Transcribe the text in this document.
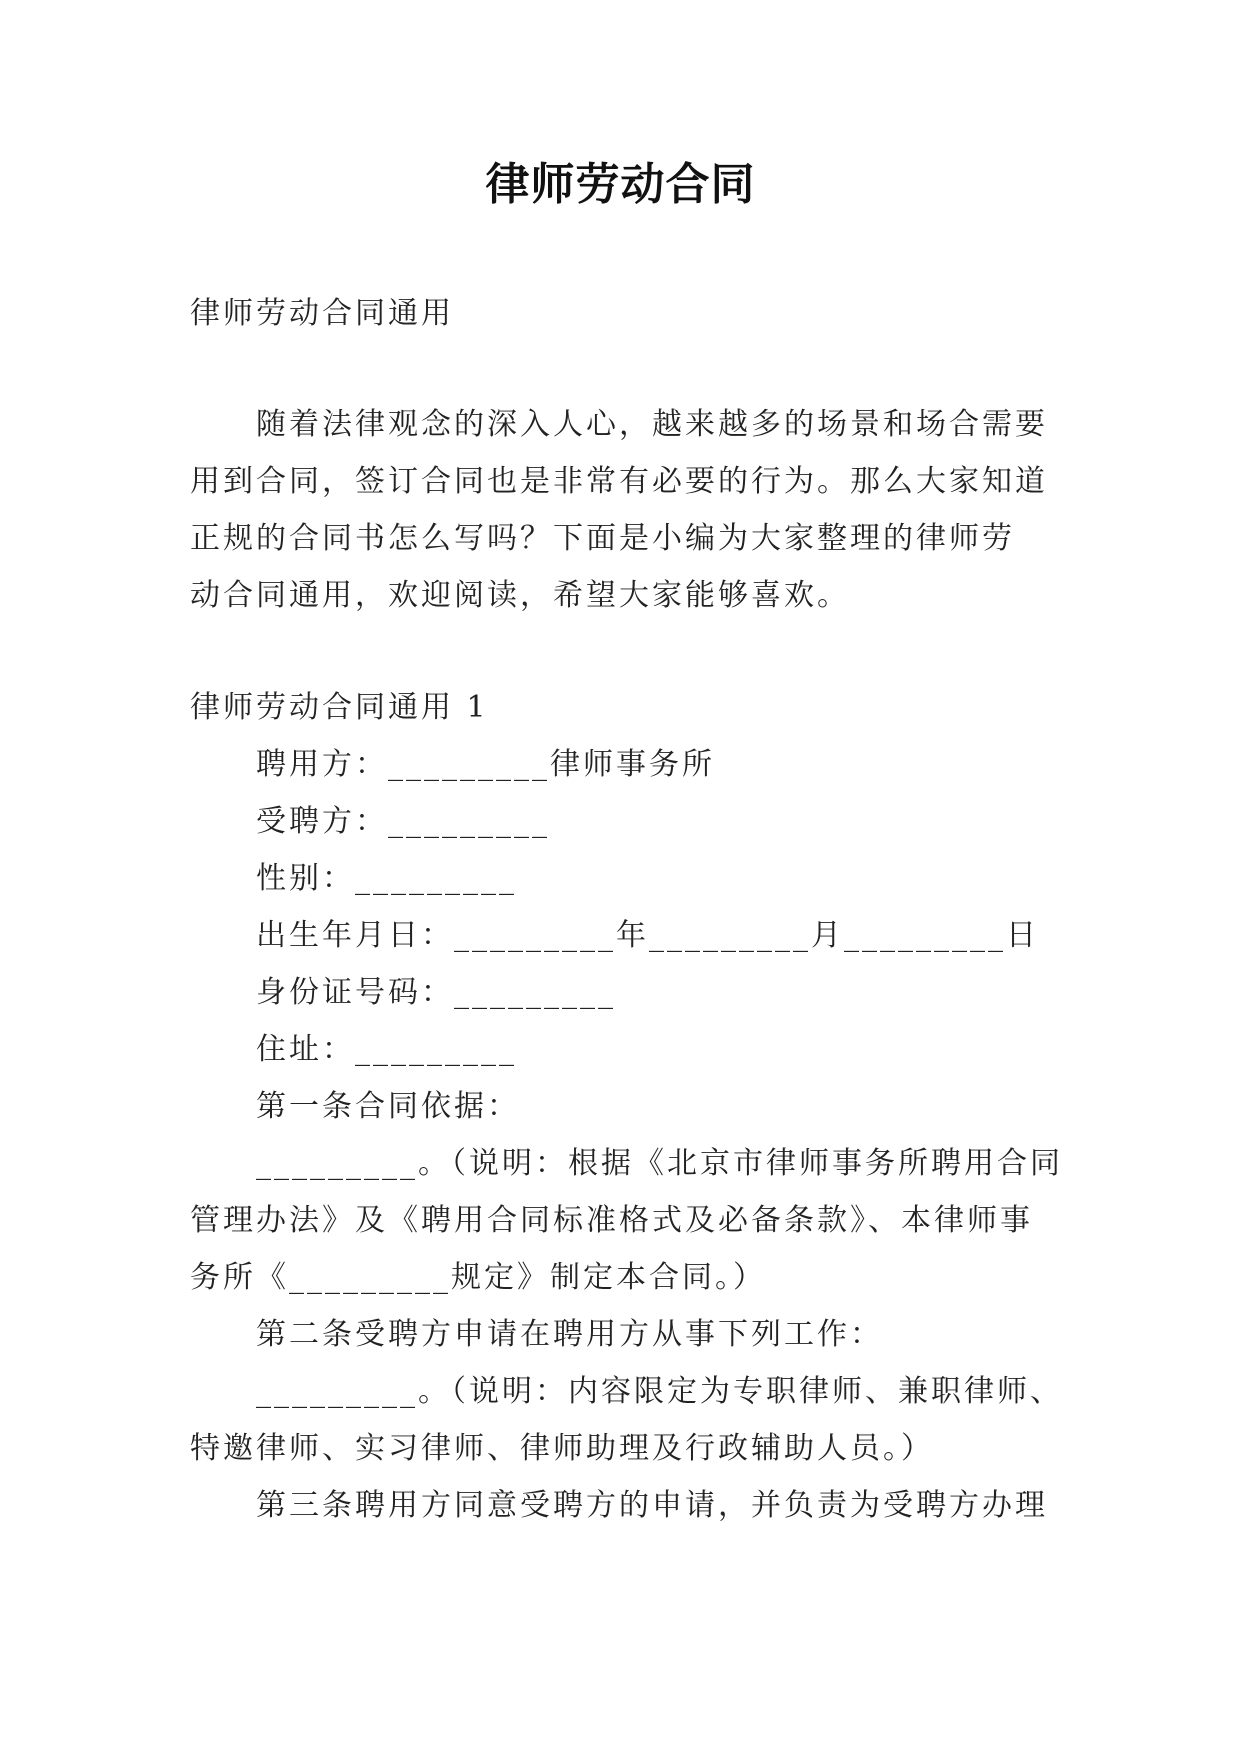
律师劳动合同
律师劳动合同通用
随着法律观念的深入人心，越来越多的场景和场合需要
用到合同，签订合同也是非常有必要的行为。那么大家知道
正规的合同书怎么写吗？下面是小编为大家整理的律师劳
动合同通用，欢迎阅读，希望大家能够喜欢。
律师劳动合同通用 1
聘用方：_________律师事务所
受聘方：_________
性别：_________
出生年月日：_________年_________月_________日
身份证号码：_________
住址：_________
第一条合同依据：
_________。（说明：根据《北京市律师事务所聘用合同
管理办法》及《聘用合同标准格式及必备条款》、本律师事
务所《_________规定》制定本合同。）
第二条受聘方申请在聘用方从事下列工作：
_________。（说明：内容限定为专职律师、兼职律师、
特邀律师、实习律师、律师助理及行政辅助人员。）
第三条聘用方同意受聘方的申请，并负责为受聘方办理
